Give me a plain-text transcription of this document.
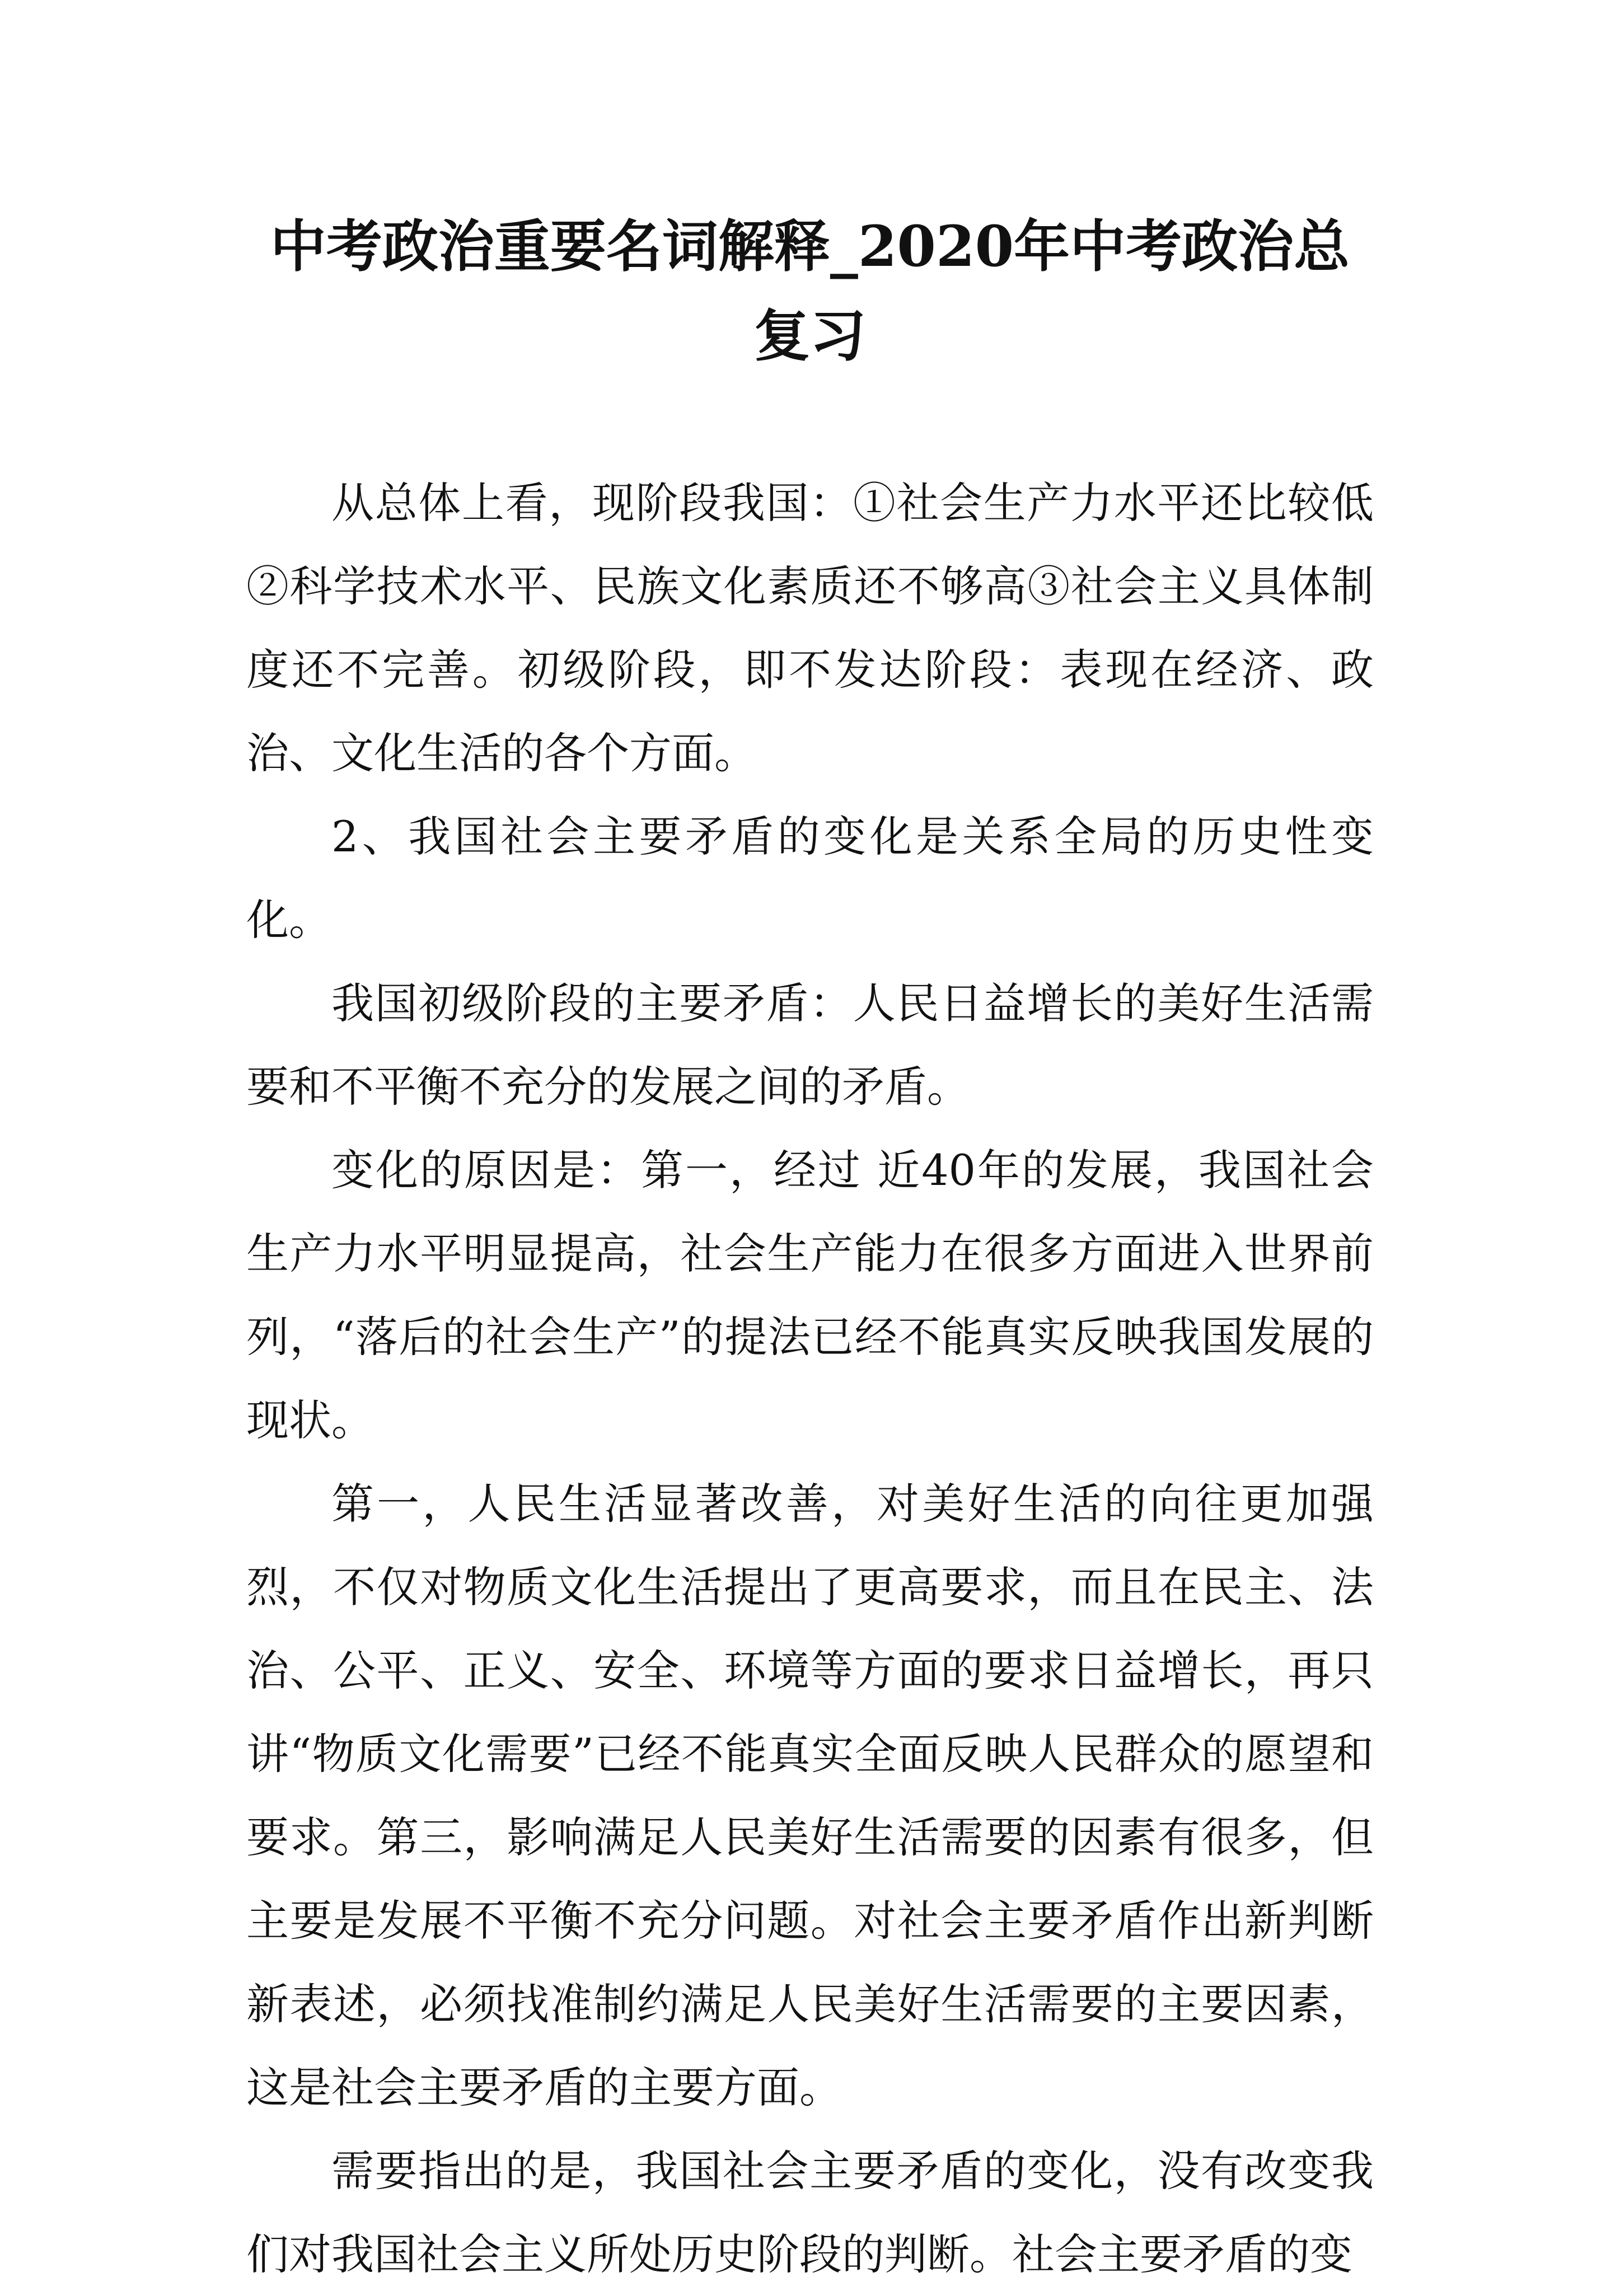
中考政治重要名词解释_2020年中考政治总复习

从总体上看，现阶段我国：①社会生产力水平还比较低②科学技术水平、民族文化素质还不够高③社会主义具体制度还不完善。初级阶段，即不发达阶段：表现在经济、政治、文化生活的各个方面。

2、我国社会主要矛盾的变化是关系全局的历史性变化。

我国初级阶段的主要矛盾：人民日益增长的美好生活需要和不平衡不充分的发展之间的矛盾。

变化的原因是：第一，经过 近40年的发展，我国社会生产力水平明显提高，社会生产能力在很多方面进入世界前列，“落后的社会生产”的提法已经不能真实反映我国发展的现状。

第一，人民生活显著改善，对美好生活的向往更加强烈，不仅对物质文化生活提出了更高要求，而且在民主、法治、公平、正义、安全、环境等方面的要求日益增长，再只讲“物质文化需要”已经不能真实全面反映人民群众的愿望和要求。第三，影响满足人民美好生活需要的因素有很多，但主要是发展不平衡不充分问题。对社会主要矛盾作出新判断新表述，必须找准制约满足人民美好生活需要的主要因素，这是社会主要矛盾的主要方面。

需要指出的是，我国社会主要矛盾的变化，没有改变我们对我国社会主义所处历史阶段的判断。社会主要矛盾的变
